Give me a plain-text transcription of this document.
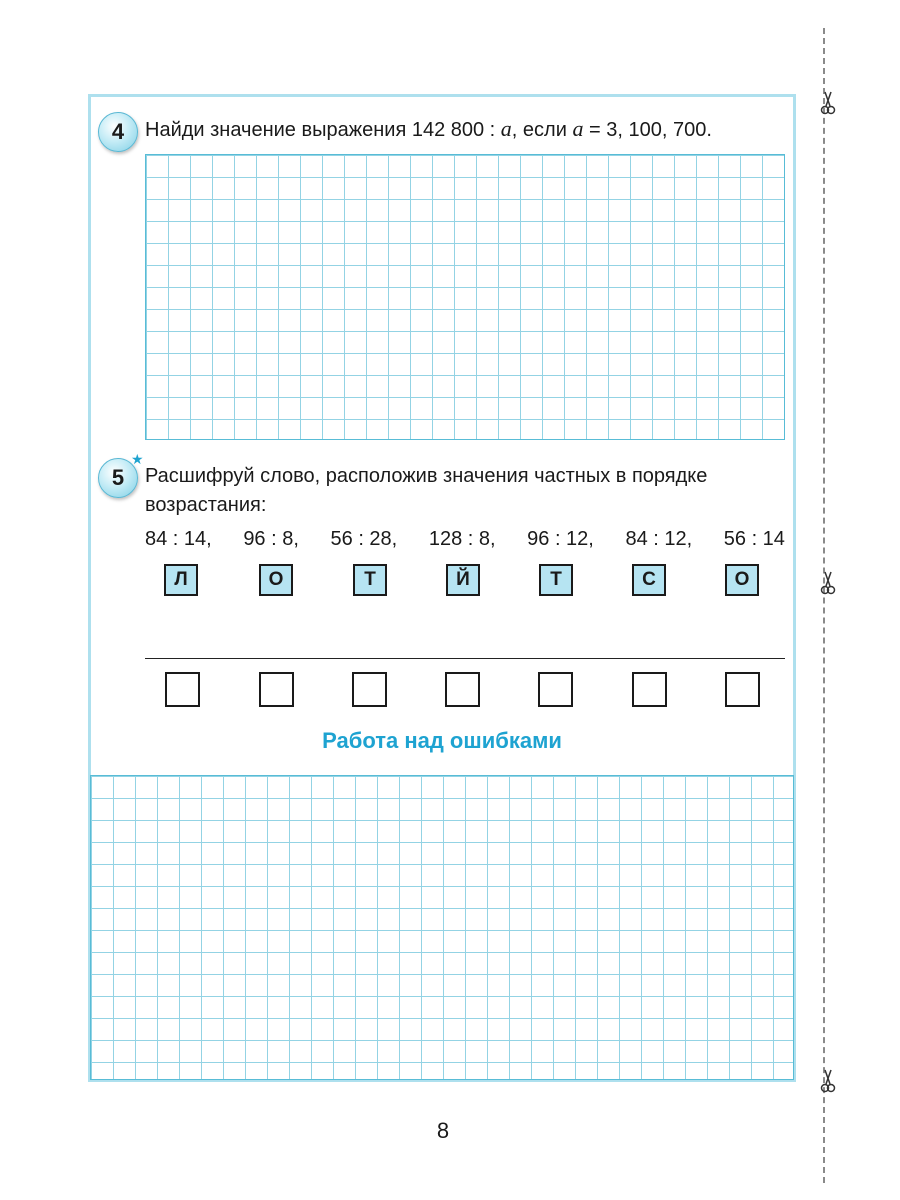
4 Найди значение выражения 142 800 : a, если a = 3, 100, 700.
5
★
Расшифруй слово, расположив значения частных в порядке
возрастания:
84 : 14, 96 : 8, 56 : 28, 128 : 8, 96 : 12, 84 : 12, 56 : 14
Л	О	Т	Й	Т	С	О
Работа над ошибками
8
